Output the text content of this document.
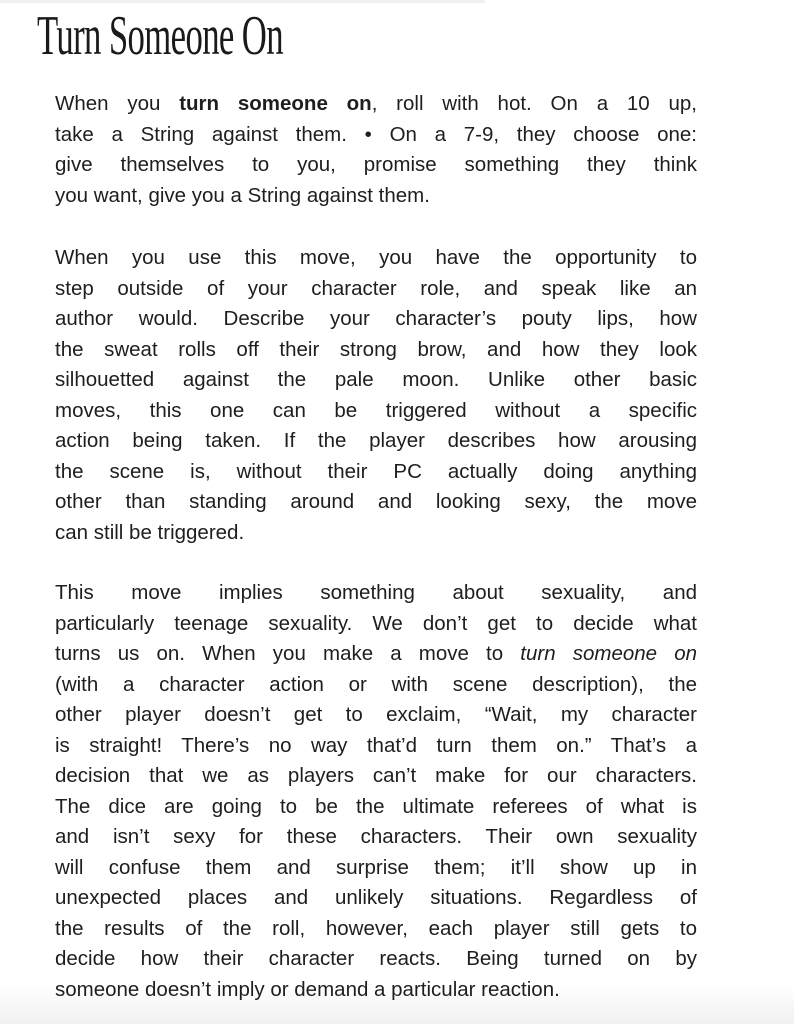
Turn Someone On
When you turn someone on, roll with hot. On a 10 up,
take a String against them. • On a 7-9, they choose one:
give themselves to you, promise something they think
you want, give you a String against them.
When you use this move, you have the opportunity to
step outside of your character role, and speak like an
author would. Describe your character’s pouty lips, how
the sweat rolls off their strong brow, and how they look
silhouetted against the pale moon. Unlike other basic
moves, this one can be triggered without a specific
action being taken. If the player describes how arousing
the scene is, without their PC actually doing anything
other than standing around and looking sexy, the move
can still be triggered.
This move implies something about sexuality, and
particularly teenage sexuality. We don’t get to decide what
turns us on. When you make a move to turn someone on
(with a character action or with scene description), the
other player doesn’t get to exclaim, “Wait, my character
is straight! There’s no way that’d turn them on.” That’s a
decision that we as players can’t make for our characters.
The dice are going to be the ultimate referees of what is
and isn’t sexy for these characters. Their own sexuality
will confuse them and surprise them; it’ll show up in
unexpected places and unlikely situations. Regardless of
the results of the roll, however, each player still gets to
decide how their character reacts. Being turned on by
someone doesn’t imply or demand a particular reaction.
